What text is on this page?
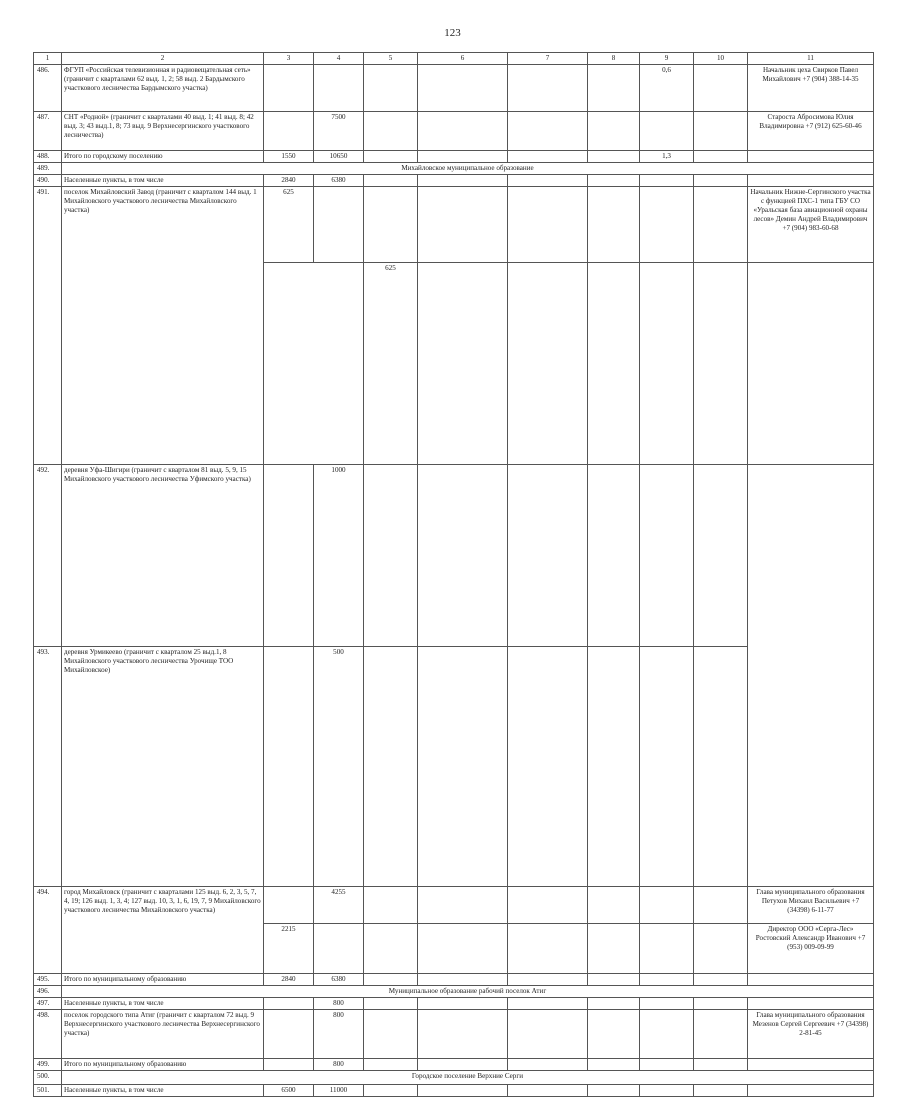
123
1	2	3	4	5	6	7	8	9	10	11	
486.	ФГУП «Российская телевизионная и радиовещательная сеть» (граничит с кварталами 62 выд. 1, 2; 58 выд. 2 Бардымского участкового лесничества Бардымского участка)							0,6		Начальник цеха Свирков Павел Михайлович +7 (904) 388-14-35	
487.	СНТ «Родной» (граничит с кварталами 40 выд. 1; 41 выд. 8; 42 выд. 3; 43 выд.1, 8; 73 выд. 9 Верхнесергинского участкового лесничества)		7500							Староста Абросимова Юлия Владимировна +7 (912) 625-60-46	
488.	Итого по городскому поселению	1550	10650					1,3			
489.	Михайловское муниципальное образование										
490.	Населенные пункты, в том числе	2840	6380								
491.	поселок Михайловский Завод (граничит с кварталом 144 выд. 1 Михайловского участкового лесничества Михайловского участка)	625								Начальник Нижне-Сергинского участка с функцией ПХС-1 типа ГБУ СО «Уральская база авиационной охраны лесов» Демин Андрей Владимирович +7 (904) 983-60-68	
				625							
492.	деревня Уфа-Шигири (граничит с кварталом 81 выд. 5, 9, 15 Михайловского участкового лесничества Уфимского участка)		1000								
493.	деревня Урмикеево (граничит с кварталом 25 выд.1, 8 Михайловского участкового лесничества Урочище ТОО Михайловское)		500								
494.	город Михайловск (граничит с кварталами 125 выд. 6, 2, 3, 5, 7, 4, 19; 126 выд. 1, 3, 4; 127 выд. 10, 3, 1, 6, 19, 7, 9 Михайловского участкового лесничества Михайловского участка)		4255							Глава муниципального образования Петухов Михаил Васильевич +7 (34398) 6-11-77	
		2215								Директор ООО «Серга-Лес» Ростовский Александр Иванович +7 (953) 009-09-99	
495.	Итого по муниципальному образованию	2840	6380								
496.	Муниципальное образование рабочий поселок Атиг										
497.	Населенные пункты, в том числе		800								
498.	поселок городского типа Атиг (граничит с кварталом 72 выд. 9 Верхнесергинского участкового лесничества Верхнесергинского участка)		800							Глава муниципального образования Мезенов Сергей Сергеевич +7 (34398) 2-81-45	
499.	Итого по муниципальному образованию		800								
500.	Городское поселение Верхние Серги										
501.	Населенные пункты, в том числе	6500	11000								
